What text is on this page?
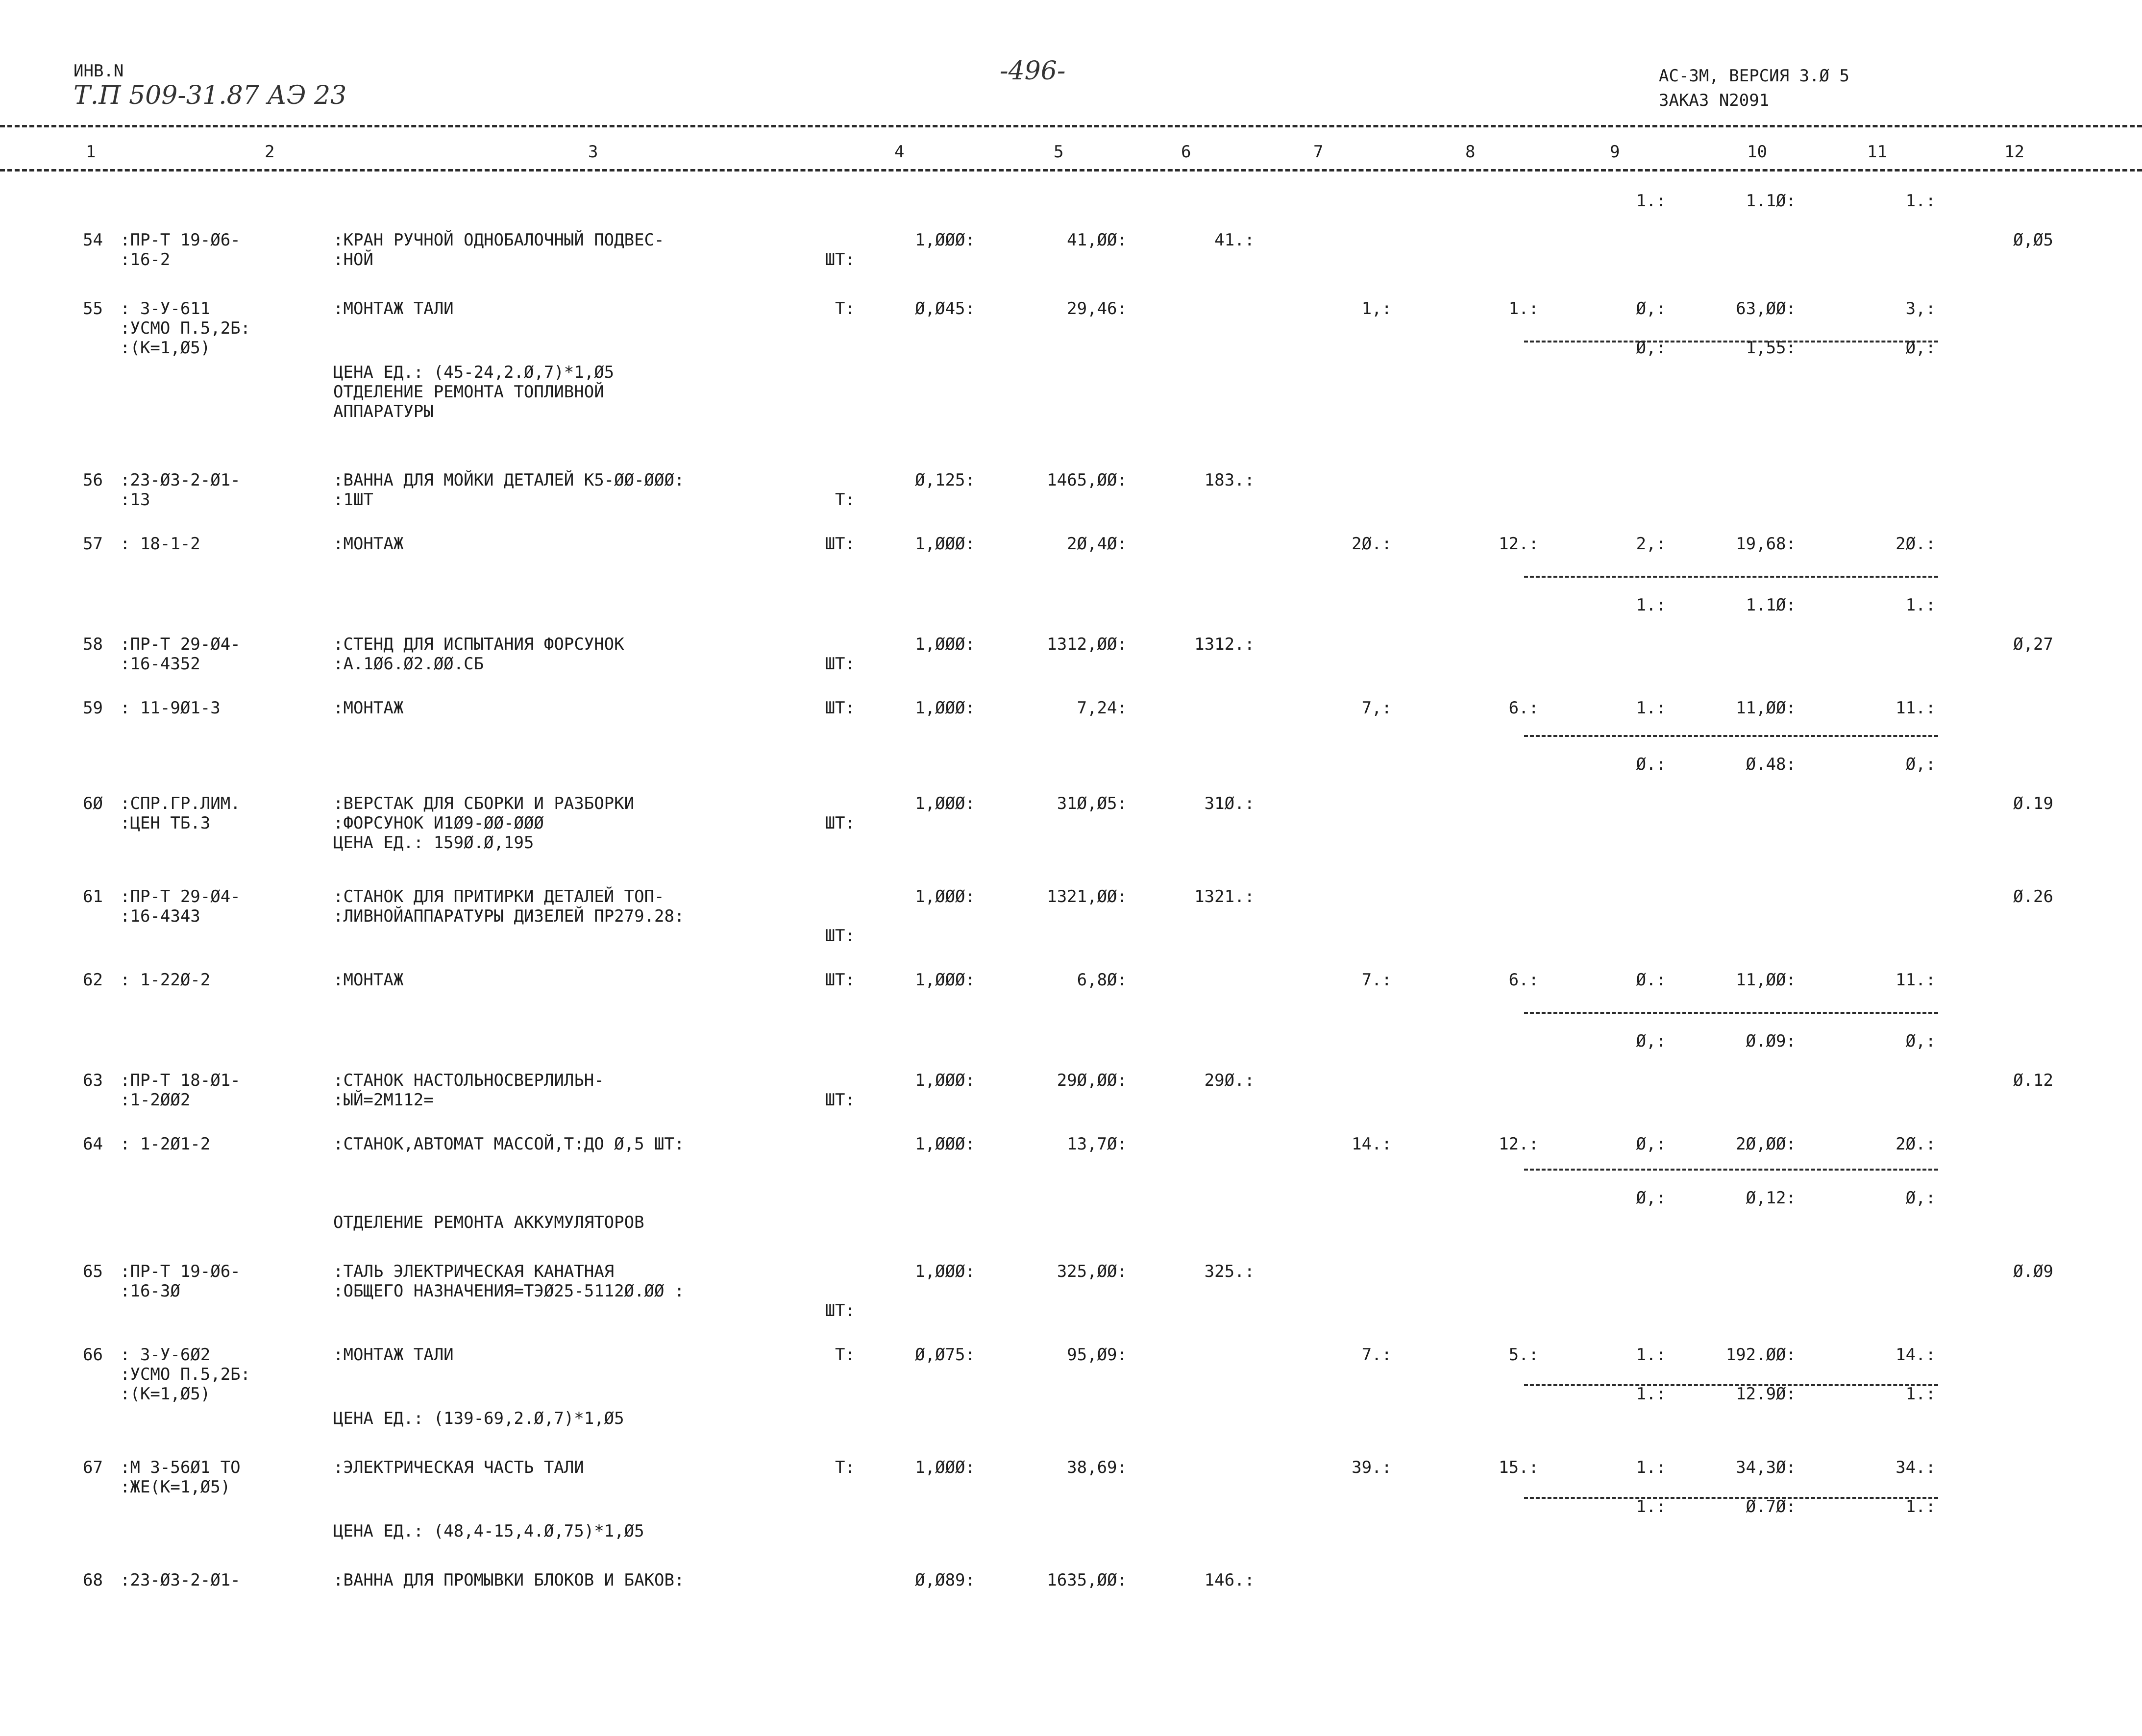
ИНВ.N
Т.П 509-31.87 АЭ 23
-496-	АС-3М, ВЕРСИЯ 3.Ø 5
ЗАКАЗ N2091
1	2	3	4	5	6	7	8	9	10	11	12
1.:	1.1Ø:	1.:
54 :ПР-Т 19-Ø6-	:КРАН РУЧНОЙ ОДНОБАЛОЧНЫЙ ПОДВЕС-	1,ØØØ:	41,ØØ:	41.:	Ø,Ø5
:16-2	:НОЙ	ШТ:
55 : 3-У-611	:МОНТАЖ ТАЛИ	Т:	Ø,Ø45:	29,46:	1,:	1.:	Ø,:	63,ØØ:	3,:
:УСМО П.5,2Б:
:(К=1,Ø5)	Ø,:	1,55:	Ø,:
ЦЕНА ЕД.: (45-24,2.Ø,7)*1,Ø5
ОТДЕЛЕНИЕ РЕМОНТА ТОПЛИВНОЙ
АППАРАТУРЫ
56 :23-Ø3-2-Ø1-	:ВАННА ДЛЯ МОЙКИ ДЕТАЛЕЙ К5-ØØ-ØØØ:	Ø,125:	1465,ØØ:	183.:
:13	:1ШТ	Т:
57 : 18-1-2	:МОНТАЖ	ШТ:	1,ØØØ:	2Ø,4Ø:	2Ø.:	12.:	2,:	19,68:	2Ø.:
1.:	1.1Ø:	1.:
58 :ПР-Т 29-Ø4-	:СТЕНД ДЛЯ ИСПЫТАНИЯ ФОРСУНОК	1,ØØØ:	1312,ØØ:	1312.:	Ø,27
:16-4352	:А.1Ø6.Ø2.ØØ.СБ	ШТ:
59 : 11-9Ø1-3	:МОНТАЖ	ШТ:	1,ØØØ:	7,24:	7,:	6.:	1.:	11,ØØ:	11.:
Ø.:	Ø.48:	Ø,:
6Ø :СПР.ГР.ЛИМ.	:ВЕРСТАК ДЛЯ СБОРКИ И РАЗБОРКИ	1,ØØØ:	31Ø,Ø5:	31Ø.:	Ø.19
:ЦЕН ТБ.3	:ФОРСУНОК И1Ø9-ØØ-ØØØ	ШТ:
ЦЕНА ЕД.: 159Ø.Ø,195
61 :ПР-Т 29-Ø4-	:СТАНОК ДЛЯ ПРИТИРКИ ДЕТАЛЕЙ ТОП-	1,ØØØ:	1321,ØØ:	1321.:	Ø.26
:16-4343	:ЛИВНОЙАППАРАТУРЫ ДИЗЕЛЕЙ ПР279.28:
ШТ:
62 : 1-22Ø-2	:МОНТАЖ	ШТ:	1,ØØØ:	6,8Ø:	7.:	6.:	Ø.:	11,ØØ:	11.:
Ø,:	Ø.Ø9:	Ø,:
63 :ПР-Т 18-Ø1-	:СТАНОК НАСТОЛЬНОСВЕРЛИЛЬН-	1,ØØØ:	29Ø,ØØ:	29Ø.:	Ø.12
:1-2ØØ2	:ЫЙ=2М112=	ШТ:
64 : 1-2Ø1-2	:СТАНОК,АВТОМАТ МАССОЙ,Т:ДО Ø,5 ШТ:	1,ØØØ:	13,7Ø:	14.:	12.:	Ø,:	2Ø,ØØ:	2Ø.:
Ø,:	Ø,12:	Ø,:
ОТДЕЛЕНИЕ РЕМОНТА АККУМУЛЯТОРОВ
65 :ПР-Т 19-Ø6-	:ТАЛЬ ЭЛЕКТРИЧЕСКАЯ КАНАТНАЯ	1,ØØØ:	325,ØØ:	325.:	Ø.Ø9
:16-3Ø	:ОБЩЕГО НАЗНАЧЕНИЯ=ТЭØ25-5112Ø.ØØ :
ШТ:
66 : 3-У-6Ø2	:МОНТАЖ ТАЛИ	Т:	Ø,Ø75:	95,Ø9:	7.:	5.:	1.:	192.ØØ:	14.:
:УСМО П.5,2Б:
:(К=1,Ø5)	1.:	12.9Ø:	1.:
ЦЕНА ЕД.: (139-69,2.Ø,7)*1,Ø5
67 :М 3-56Ø1 ТО	:ЭЛЕКТРИЧЕСКАЯ ЧАСТЬ ТАЛИ	Т:	1,ØØØ:	38,69:	39.:	15.:	1.:	34,3Ø:	34.:
:ЖЕ(К=1,Ø5)
1.:	Ø.7Ø:	1.:
ЦЕНА ЕД.: (48,4-15,4.Ø,75)*1,Ø5
68 :23-Ø3-2-Ø1-	:ВАННА ДЛЯ ПРОМЫВКИ БЛОКОВ И БАКОВ:	Ø,Ø89:	1635,ØØ:	146.:
